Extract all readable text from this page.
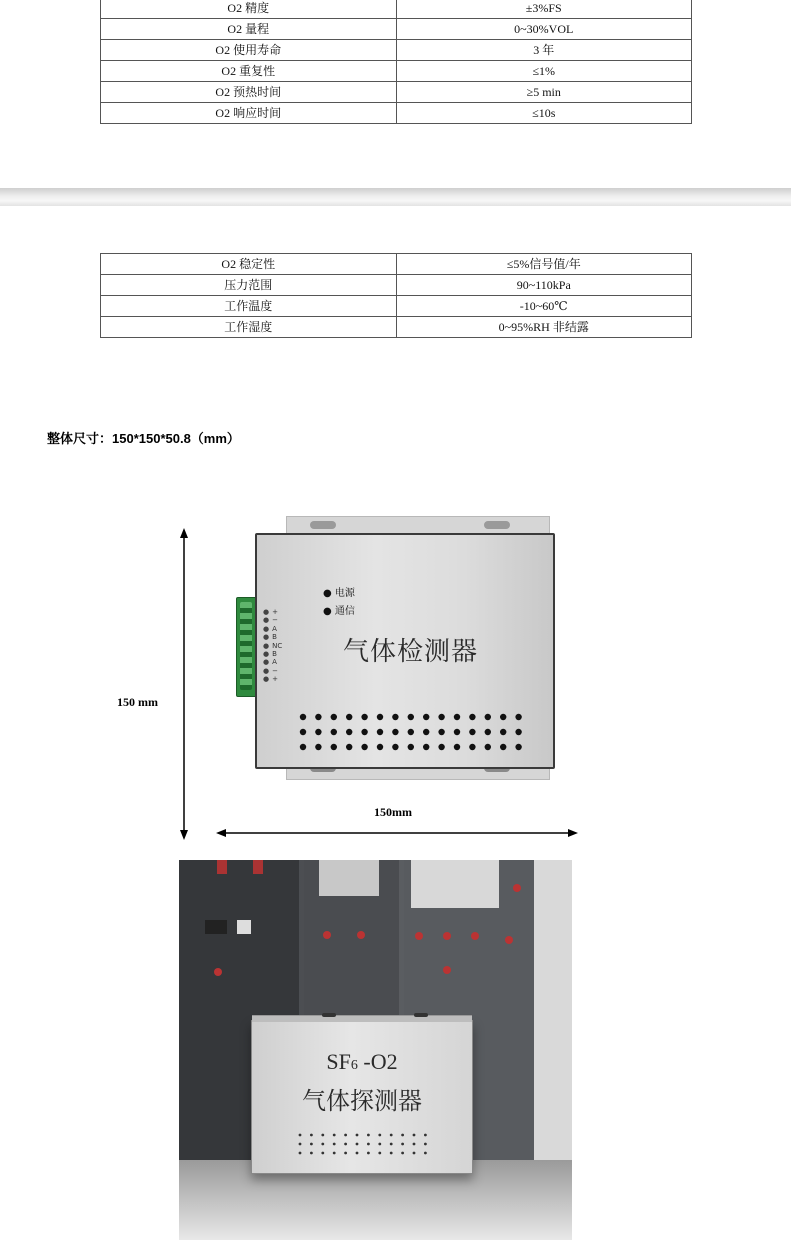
O2 精度	±3%FS
O2 量程	0~30%VOL
O2 使用寿命	3 年
O2 重复性	≤1%
O2 预热时间	≥5 min
O2 响应时间	≤10s
O2 稳定性	≤5%信号值/年
压力范围	90~110kPa
工作温度	-10~60℃
工作湿度	0~95%RH 非结露
整体尺寸：150*150*50.8（mm）
150 mm
150mm
● 电源
● 通信
● +
● −
● A
● B
● NC
● B
● A
● −
● +
气体检测器
SF6 -O2
气体探测器
